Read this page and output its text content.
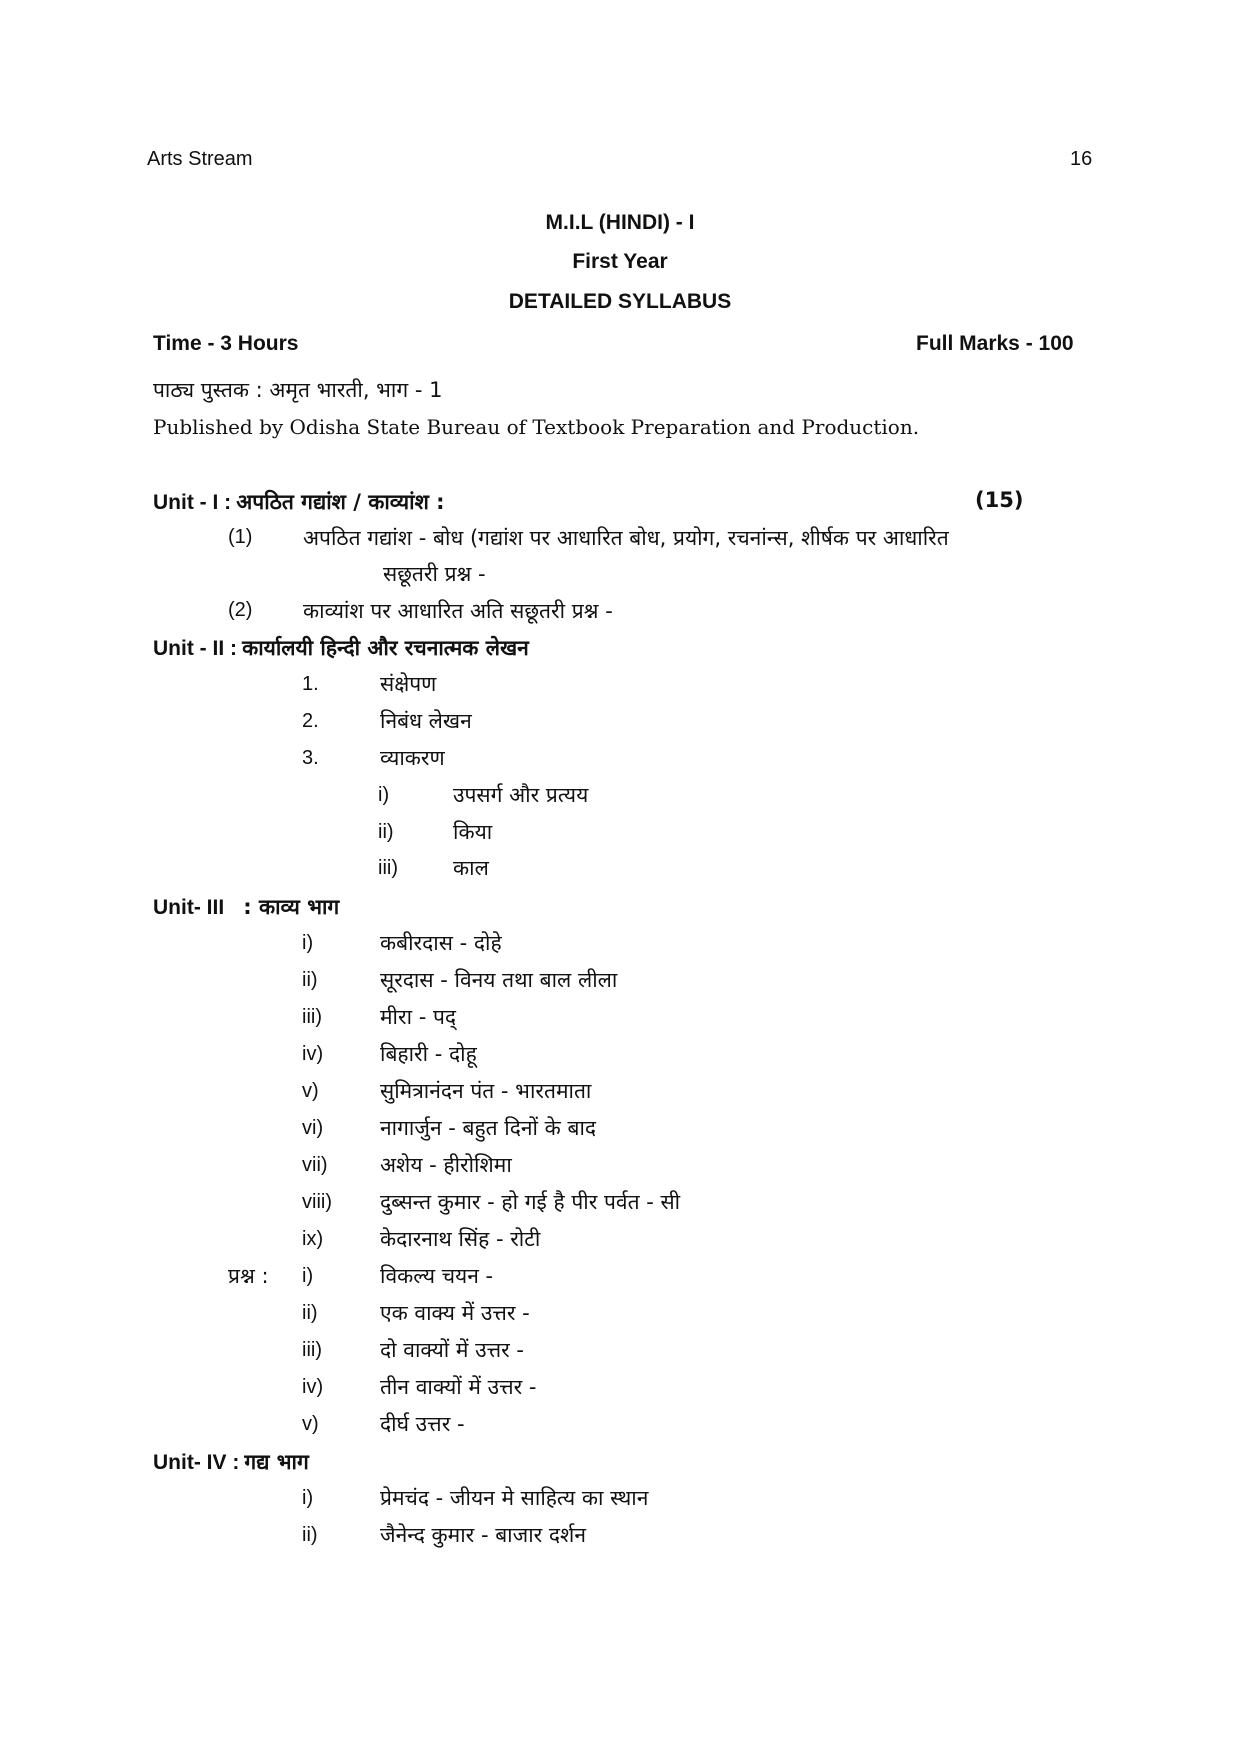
Arts Stream	16
M.I.L (HINDI) - I
First Year
DETAILED SYLLABUS
Time - 3 Hours	Full Marks - 100
पाठ्य पुस्तक : अमृत भारती, भाग - 1
Published by Odisha State Bureau of Textbook Preparation and Production.
Unit - I : अपठित गद्यांश / काव्यांश :	(15)
(1) अपठित गद्यांश - बोध (गद्यांश पर आधारित बोध, प्रयोग, रचनांन्स, शीर्षक पर आधारित
सछूतरी प्रश्न -
(2) काव्यांश पर आधारित अति सछूतरी प्रश्न -
Unit - II : कार्यालयी हिन्दी और रचनात्मक लेखन
1.	संक्षेपण
2.	निबंध लेखन
3.	व्याकरण
i)	उपसर्ग और प्रत्यय
ii)	किया
iii)	काल
Unit- III : काव्य भाग
i)	कबीरदास - दोहे
ii)	सूरदास - विनय तथा बाल लीला
iii)	मीरा - पद्
iv)	बिहारी - दोहू
v)	सुमित्रानंदन पंत - भारतमाता
vi)	नागार्जुन - बहुत दिनों के बाद
vii) अशेय - हीरोशिमा
viii) दुब्सन्त कुमार - हो गई है पीर पर्वत - सी
ix)	केदारनाथ सिंह - रोटी
प्रश्न : i)	विकल्य चयन -
ii)	एक वाक्य में उत्तर -
iii)	दो वाक्यों में उत्तर -
iv)	तीन वाक्यों में उत्तर -
v)	दीर्घ उत्तर -
Unit- IV : गद्य भाग
i)	प्रेमचंद - जीयन मे साहित्य का स्थान
ii)	जैनेन्द कुमार - बाजार दर्शन
